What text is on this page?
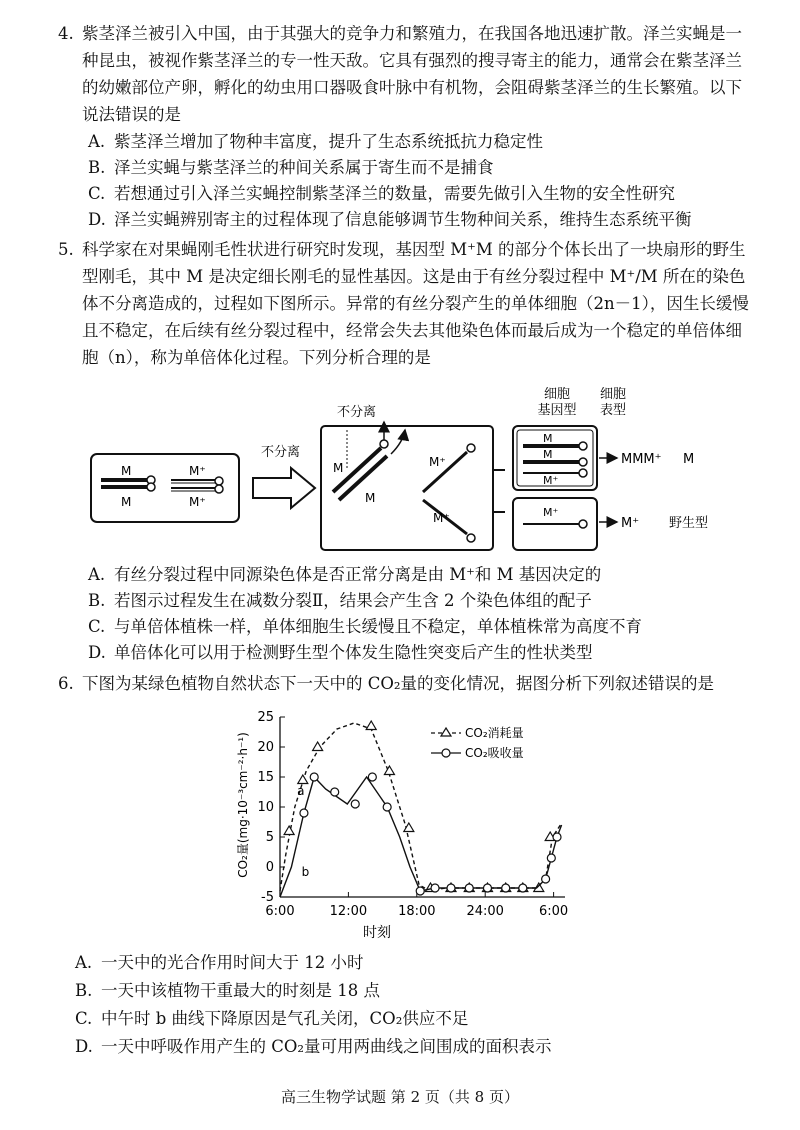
4. 紫茎泽兰被引入中国，由于其强大的竞争力和繁殖力，在我国各地迅速扩散。泽兰实蝇是一种昆虫，被视作紫茎泽兰的专一性天敌。它具有强烈的搜寻寄主的能力，通常会在紫茎泽兰的幼嫩部位产卵，孵化的幼虫用口器吸食叶脉中有机物，会阻碍紫茎泽兰的生长繁殖。以下说法错误的是
A. 紫茎泽兰增加了物种丰富度，提升了生态系统抵抗力稳定性
B. 泽兰实蝇与紫茎泽兰的种间关系属于寄生而不是捕食
C. 若想通过引入泽兰实蝇控制紫茎泽兰的数量，需要先做引入生物的安全性研究
D. 泽兰实蝇辨别寄主的过程体现了信息能够调节生物种间关系，维持生态系统平衡
5. 科学家在对果蝇刚毛性状进行研究时发现，基因型 M⁺M 的部分个体长出了一块扇形的野生型刚毛，其中 M 是决定细长刚毛的显性基因。这是由于有丝分裂过程中 M⁺/M 所在的染色体不分离造成的，过程如下图所示。异常的有丝分裂产生的单体细胞（2n－1），因生长缓慢且不稳定，在后续有丝分裂过程中，经常会失去其他染色体而最后成为一个稳定的单倍体细胞（n），称为单倍体化过程。下列分析合理的是
细胞
基因型
细胞
表型
M
M
M⁺
M⁺
不分离
不分离
M
M
M⁺
M⁺
M
M
M⁺
M⁺
MMM⁺ M
M⁺ 野生型
A. 有丝分裂过程中同源染色体是否正常分离是由 M⁺和 M 基因决定的
B. 若图示过程发生在减数分裂Ⅱ，结果会产生含 2 个染色体组的配子
C. 与单倍体植株一样，单体细胞生长缓慢且不稳定，单体植株常为高度不育
D. 单倍体化可以用于检测野生型个体发生隐性突变后产生的性状类型
6. 下图为某绿色植物自然状态下一天中的 CO₂量的变化情况，据图分析下列叙述错误的是
-5
0
5
10
15
20
25
6:00	12:00 18:00 24:00	6:00
a
b
CO₂量(mg·10⁻³cm⁻²·h⁻¹)
时刻
CO₂消耗量
CO₂吸收量
A. 一天中的光合作用时间大于 12 小时
B. 一天中该植物干重最大的时刻是 18 点
C. 中午时 b 曲线下降原因是气孔关闭，CO₂供应不足
D. 一天中呼吸作用产生的 CO₂量可用两曲线之间围成的面积表示
高三生物学试题 第 2 页（共 8 页）
